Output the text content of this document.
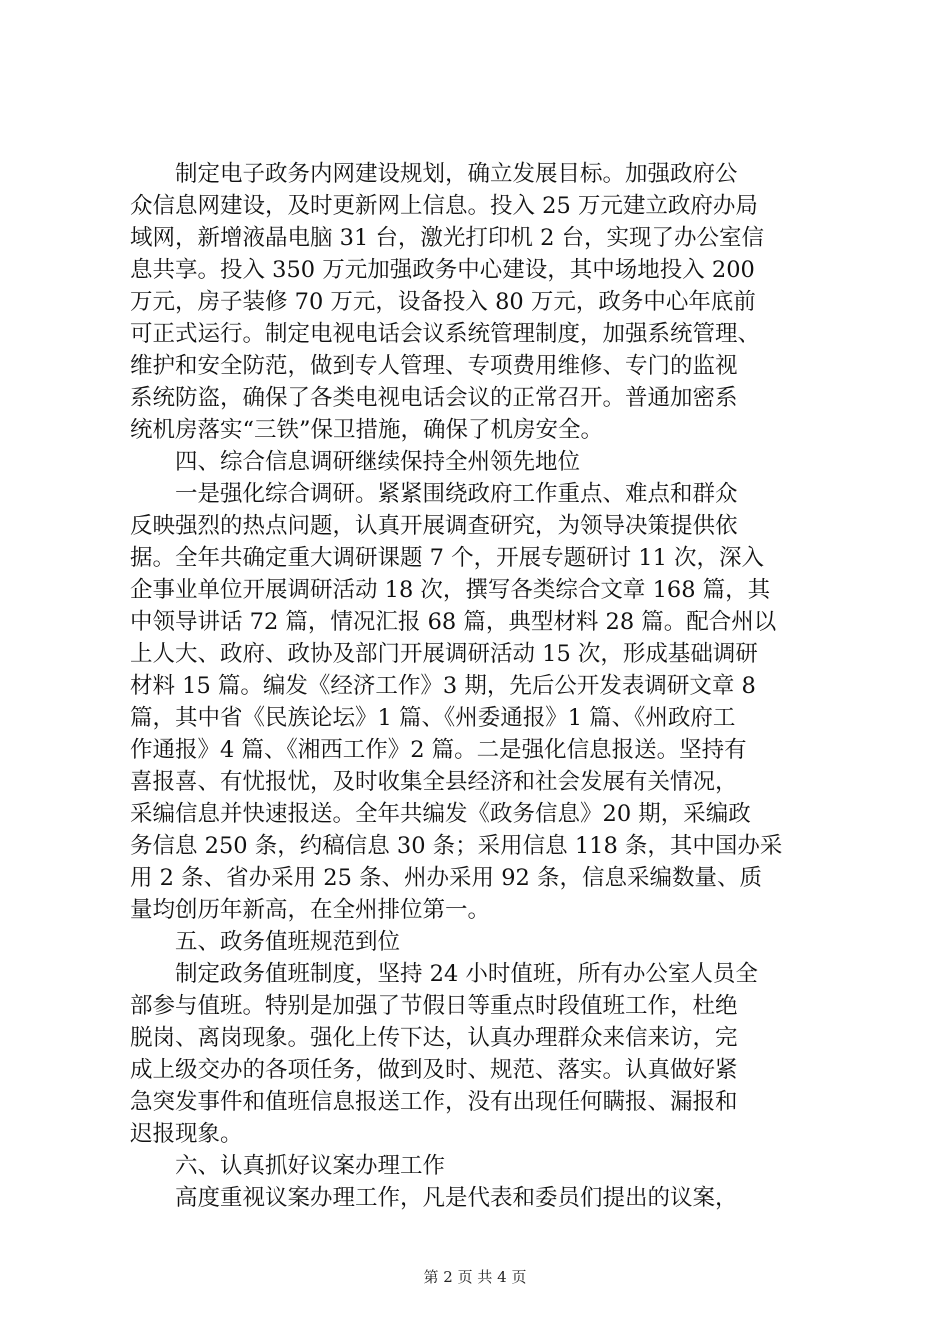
制定电子政务内网建设规划，确立发展目标。加强政府公
众信息网建设，及时更新网上信息。投入 25 万元建立政府办局
域网，新增液晶电脑 31 台，激光打印机 2 台，实现了办公室信
息共享。投入 350 万元加强政务中心建设，其中场地投入 200
万元，房子装修 70 万元，设备投入 80 万元，政务中心年底前
可正式运行。制定电视电话会议系统管理制度，加强系统管理、
维护和安全防范，做到专人管理、专项费用维修、专门的监视
系统防盗，确保了各类电视电话会议的正常召开。普通加密系
统机房落实“三铁”保卫措施，确保了机房安全。
四、综合信息调研继续保持全州领先地位
一是强化综合调研。紧紧围绕政府工作重点、难点和群众
反映强烈的热点问题，认真开展调查研究，为领导决策提供依
据。全年共确定重大调研课题 7 个，开展专题研讨 11 次，深入
企事业单位开展调研活动 18 次，撰写各类综合文章 168 篇，其
中领导讲话 72 篇，情况汇报 68 篇，典型材料 28 篇。配合州以
上人大、政府、政协及部门开展调研活动 15 次，形成基础调研
材料 15 篇。编发《经济工作》3 期，先后公开发表调研文章 8
篇，其中省《民族论坛》1 篇、《州委通报》1 篇、《州政府工
作通报》4 篇、《湘西工作》2 篇。二是强化信息报送。坚持有
喜报喜、有忧报忧，及时收集全县经济和社会发展有关情况，
采编信息并快速报送。全年共编发《政务信息》20 期，采编政
务信息 250 条，约稿信息 30 条；采用信息 118 条，其中国办采
用 2 条、省办采用 25 条、州办采用 92 条，信息采编数量、质
量均创历年新高，在全州排位第一。
五、政务值班规范到位
制定政务值班制度，坚持 24 小时值班，所有办公室人员全
部参与值班。特别是加强了节假日等重点时段值班工作，杜绝
脱岗、离岗现象。强化上传下达，认真办理群众来信来访，完
成上级交办的各项任务，做到及时、规范、落实。认真做好紧
急突发事件和值班信息报送工作，没有出现任何瞒报、漏报和
迟报现象。
六、认真抓好议案办理工作
高度重视议案办理工作，凡是代表和委员们提出的议案，
第 2 页 共 4 页
